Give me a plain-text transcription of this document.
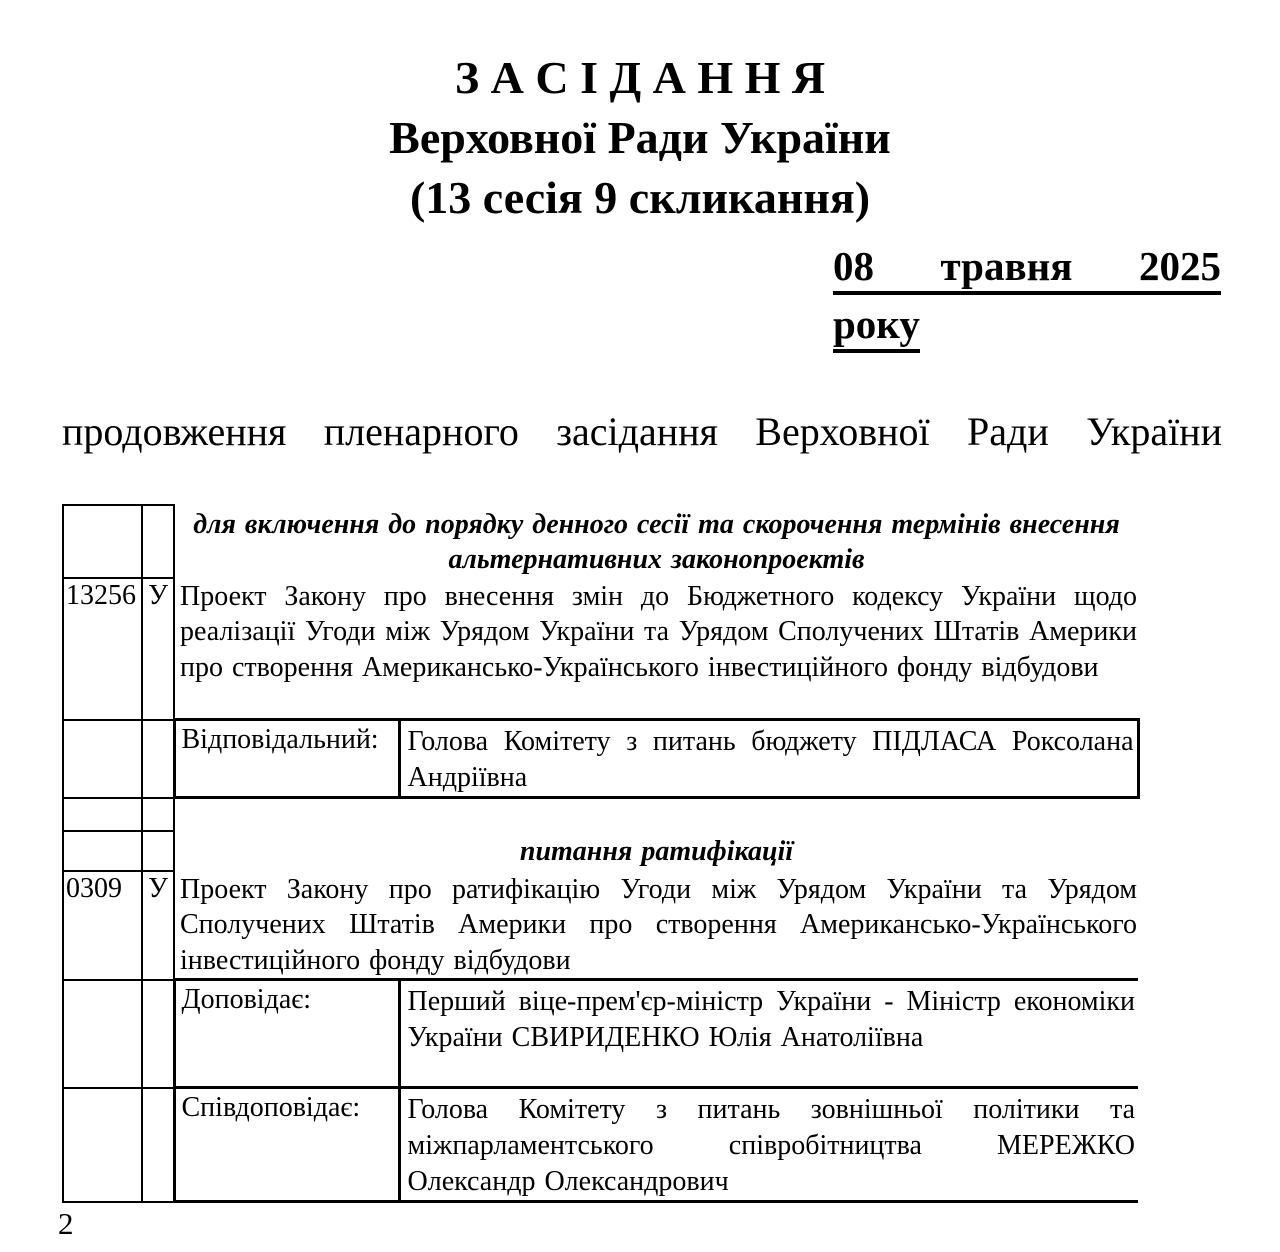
З А С І Д А Н Н Я
Верховної Ради України
(13 сесія 9 скликання)
08 травня 2025
року
продовження пленарного засідання Верховної Ради України
		для включення до порядку денного сесії та скорочення термінів внесення альтернативних законопроектів	
13256	У	Проект Закону про внесення змін до Бюджетного кодексу України щодо реалізації Угоди між Урядом України та Урядом Сполучених Штатів Америки про створення Американсько-Українського інвестиційного фонду відбудови	
		Відповідальний:	Голова Комітету з питань бюджету ПІДЛАСА Роксолана Андріївна

		питання ратифікації	
0309	У	Проект Закону про ратифікацію Угоди між Урядом України та Урядом Сполучених Штатів Америки про створення Американсько-Українського інвестиційного фонду відбудови	
		Доповідає:	Перший віце-прем'єр-міністр України - Міністр економіки України СВИРИДЕНКО Юлія Анатоліївна
		Співдоповідає:	Голова Комітету з питань зовнішньої політики та міжпарламентського співробітництва МЕРЕЖКО Олександр Олександрович
2
